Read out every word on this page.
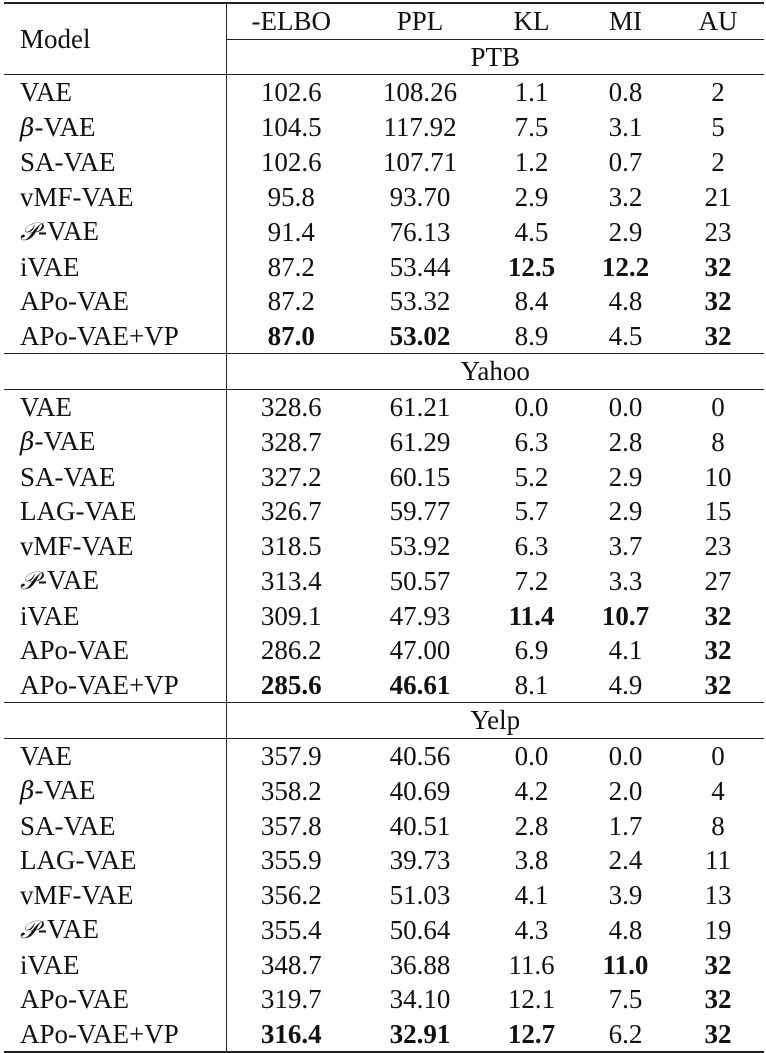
Model	-ELBO	PPL	KL	MI	AU
	PTB				
VAE	102.6	108.26	1.1	0.8	2
β-VAE	104.5	117.92	7.5	3.1	5
SA-VAE	102.6	107.71	1.2	0.7	2
vMF-VAE	95.8	93.70	2.9	3.2	21
𝒫-VAE	91.4	76.13	4.5	2.9	23
iVAE	87.2	53.44	12.5	12.2	32
APo-VAE	87.2	53.32	8.4	4.8	32
APo-VAE+VP	87.0	53.02	8.9	4.5	32
	Yahoo				
VAE	328.6	61.21	0.0	0.0	0
β-VAE	328.7	61.29	6.3	2.8	8
SA-VAE	327.2	60.15	5.2	2.9	10
LAG-VAE	326.7	59.77	5.7	2.9	15
vMF-VAE	318.5	53.92	6.3	3.7	23
𝒫-VAE	313.4	50.57	7.2	3.3	27
iVAE	309.1	47.93	11.4	10.7	32
APo-VAE	286.2	47.00	6.9	4.1	32
APo-VAE+VP	285.6	46.61	8.1	4.9	32
	Yelp				
VAE	357.9	40.56	0.0	0.0	0
β-VAE	358.2	40.69	4.2	2.0	4
SA-VAE	357.8	40.51	2.8	1.7	8
LAG-VAE	355.9	39.73	3.8	2.4	11
vMF-VAE	356.2	51.03	4.1	3.9	13
𝒫-VAE	355.4	50.64	4.3	4.8	19
iVAE	348.7	36.88	11.6	11.0	32
APo-VAE	319.7	34.10	12.1	7.5	32
APo-VAE+VP	316.4	32.91	12.7	6.2	32
